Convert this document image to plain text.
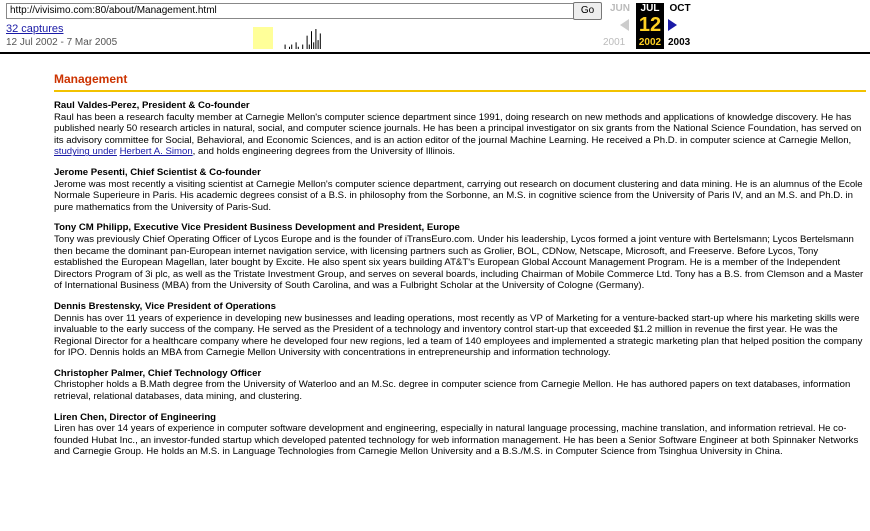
http://vivisimo.com:80/about/Management.html	Go
32 captures
12 Jul 2002 - 7 Mar 2005
JUN	JUL OCT
12
2002
2001	2003
Management
Raul Valdes-Perez, President & Co-founder
Raul has been a research faculty member at Carnegie Mellon's computer science department since 1991, doing research on new methods and applications of knowledge discovery. He has published nearly 50 research articles in natural, social, and computer science journals. He has been a principal investigator on six grants from the National Science Foundation, has served on its advisory committee for Social, Behavioral, and Economic Sciences, and is an action editor of the journal Machine Learning. He received a Ph.D. in computer science at Carnegie Mellon, studying under Herbert A. Simon, and holds engineering degrees from the University of Illinois.
Jerome Pesenti, Chief Scientist & Co-founder
Jerome was most recently a visiting scientist at Carnegie Mellon's computer science department, carrying out research on document clustering and data mining. He is an alumnus of the Ecole Normale Superieure in Paris. His academic degrees consist of a B.S. in philosophy from the Sorbonne, an M.S. in cognitive science from the University of Paris IV, and an M.S. and Ph.D. in pure mathematics from the University of Paris-Sud.
Tony CM Philipp, Executive Vice President Business Development and President, Europe
Tony was previously Chief Operating Officer of Lycos Europe and is the founder of iTransEuro.com. Under his leadership, Lycos formed a joint venture with Bertelsmann; Lycos Bertelsmann then became the dominant pan-European internet navigation service, with licensing partners such as Grolier, BOL, CDNow, Netscape, Microsoft, and Freeserve. Before Lycos, Tony established the European Magellan, later bought by Excite. He also spent six years building AT&T's European Global Account Management Program. He is a member of the Independent Directors Program of 3i plc, as well as the Tristate Investment Group, and serves on several boards, including Chairman of Mobile Commerce Ltd. Tony has a B.S. from Clemson and a Master of International Business (MBA) from the University of South Carolina, and was a Fulbright Scholar at the University of Cologne (Germany).
Dennis Brestensky, Vice President of Operations
Dennis has over 11 years of experience in developing new businesses and leading operations, most recently as VP of Marketing for a venture-backed start-up where his marketing skills were invaluable to the early success of the company. He served as the President of a technology and inventory control start-up that exceeded $1.2 million in revenue the first year. He was the Regional Director for a healthcare company where he developed four new regions, led a team of 140 employees and implemented a strategic marketing plan that helped position the company for IPO. Dennis holds an MBA from Carnegie Mellon University with concentrations in entrepreneurship and information technology.
Christopher Palmer, Chief Technology Officer
Christopher holds a B.Math degree from the University of Waterloo and an M.Sc. degree in computer science from Carnegie Mellon. He has authored papers on text databases, information retrieval, relational databases, data mining, and clustering.
Liren Chen, Director of Engineering
Liren has over 14 years of experience in computer software development and engineering, especially in natural language processing, machine translation, and information retrieval. He co-founded Hubat Inc., an investor-funded startup which developed patented technology for web information management. He has been a Senior Software Engineer at both Spinnaker Networks and Carnegie Group. He holds an M.S. in Language Technologies from Carnegie Mellon University and a B.S./M.S. in Computer Science from Tsinghua University in China.
